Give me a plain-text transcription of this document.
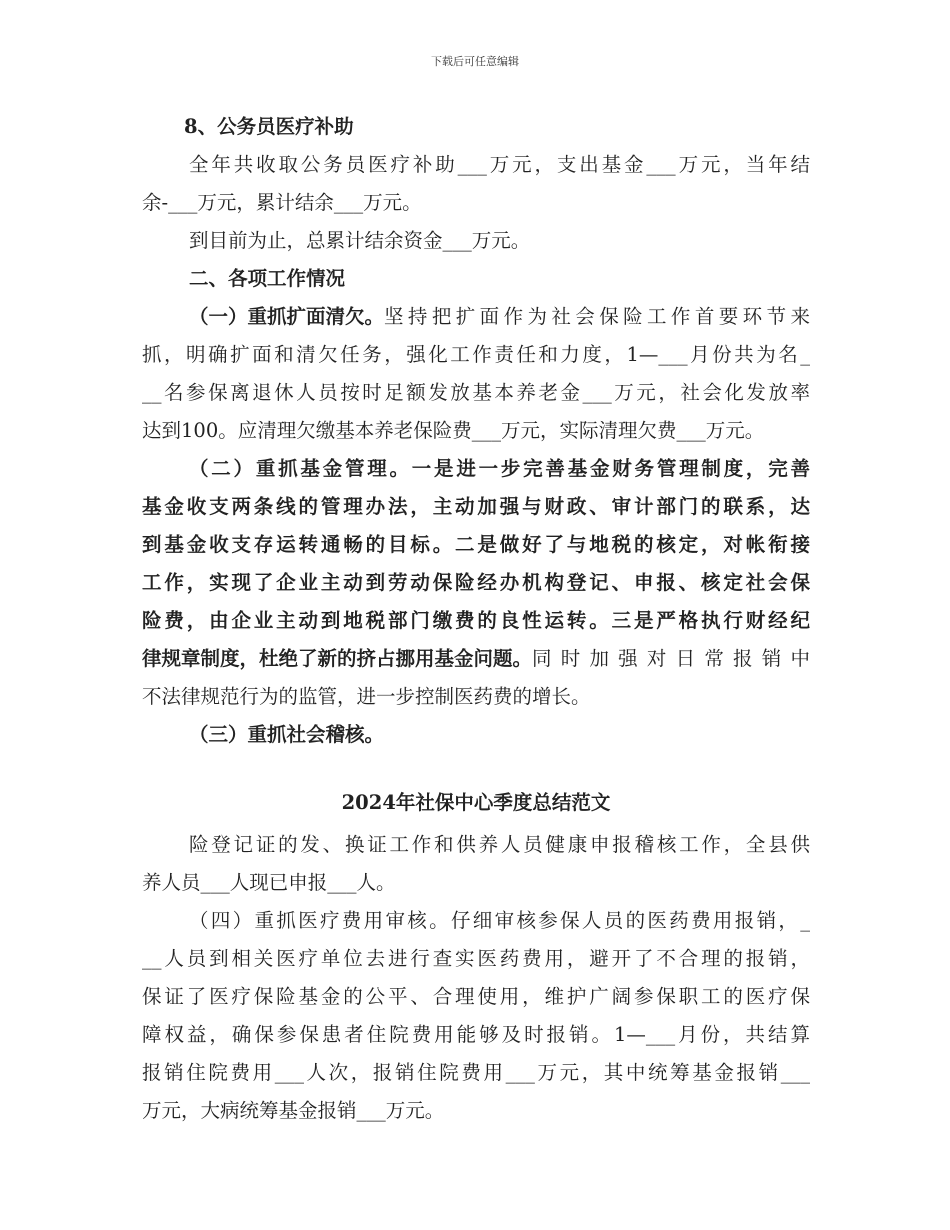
下载后可任意编辑
8、公务员医疗补助
全年共收取公务员医疗补助___万元，支出基金___万元，当年结
余-___万元，累计结余___万元。
到目前为止，总累计结余资金___万元。
二、各项工作情况
（一）重抓扩面清欠。 坚持把扩面作为社会保险工作首要环节来
抓，明确扩面和清欠任务，强化工作责任和力度，1—___月份共为名_
__名参保离退休人员按时足额发放基本养老金___万元，社会化发放率
达到100。应清理欠缴基本养老保险费___万元，实际清理欠费___万元。
（二）重抓基金管理。一是进一步完善基金财务管理制度，完善
基金收支两条线的管理办法，主动加强与财政、审计部门的联系，达
到基金收支存运转通畅的目标。二是做好了与地税的核定，对帐衔接
工作，实现了企业主动到劳动保险经办机构登记、申报、核定社会保
险费，由企业主动到地税部门缴费的良性运转。三是严格执行财经纪
律规章制度，杜绝了新的挤占挪用基金问题。 同时加强对日常报销中
不法律规范行为的监管，进一步控制医药费的增长。
（三）重抓社会稽核。
2024年社保中心季度总结范文
险登记证的发、换证工作和供养人员健康申报稽核工作，全县供
养人员___人现已申报___人。
（四）重抓医疗费用审核。仔细审核参保人员的医药费用报销，_
__人员到相关医疗单位去进行查实医药费用，避开了不合理的报销，
保证了医疗保险基金的公平、合理使用，维护广阔参保职工的医疗保
障权益，确保参保患者住院费用能够及时报销。1—___月份，共结算
报销住院费用___人次，报销住院费用___万元，其中统筹基金报销___
万元，大病统筹基金报销___万元。
